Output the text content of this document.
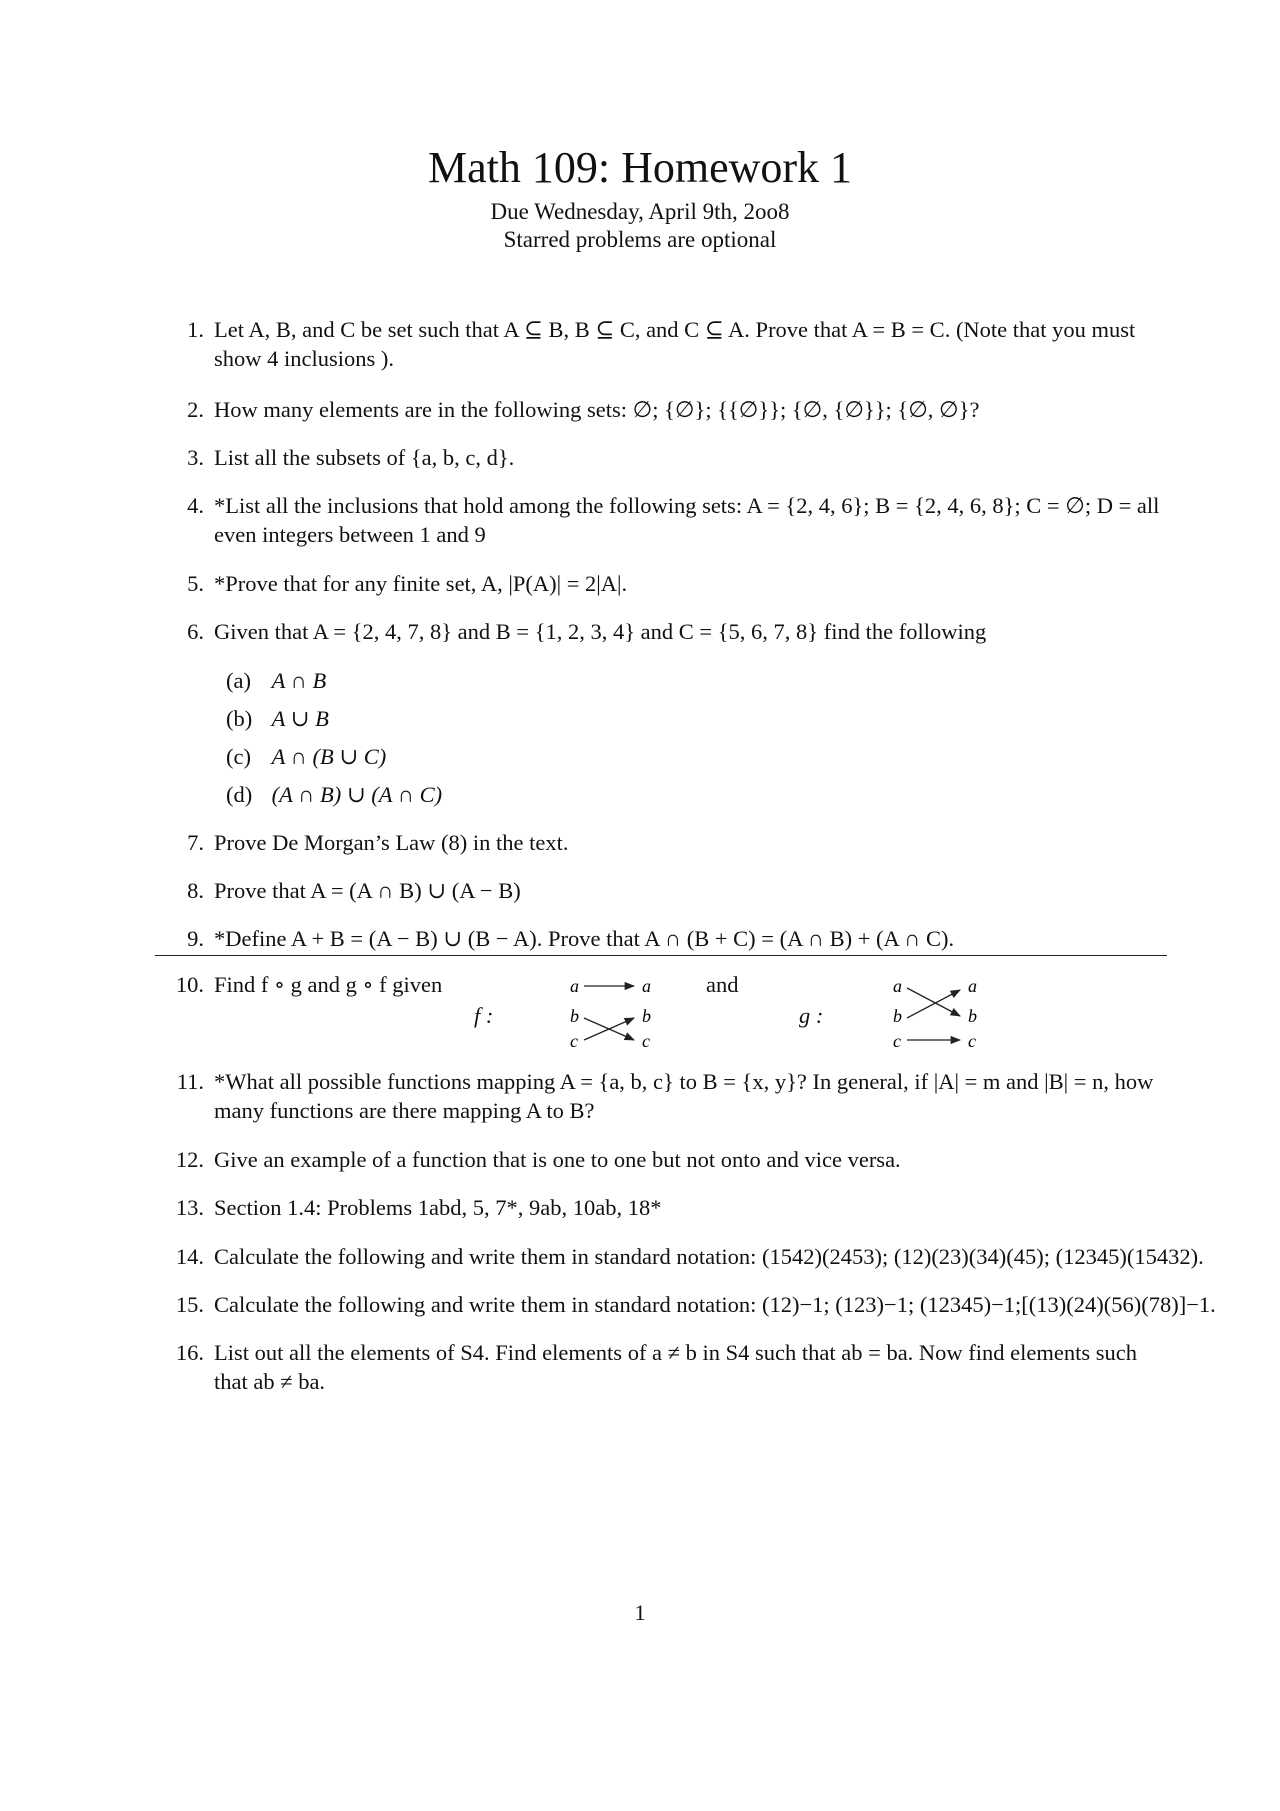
Math 109: Homework 1
Due Wednesday, April 9th, 2oo8
Starred problems are optional
1. Let A, B, and C be set such that A ⊆ B, B ⊆ C, and C ⊆ A. Prove that A = B = C. (Note that you must show 4 inclusions ).
2. How many elements are in the following sets: ∅; {∅}; {{∅}}; {∅, {∅}}; {∅, ∅}?
3. List all the subsets of {a, b, c, d}.
4. *List all the inclusions that hold among the following sets: A = {2, 4, 6}; B = {2, 4, 6, 8}; C = ∅; D = all even integers between 1 and 9
5. *Prove that for any finite set, A, |P(A)| = 2|A|.
6. Given that A = {2, 4, 7, 8} and B = {1, 2, 3, 4} and C = {5, 6, 7, 8} find the following
(a) A ∩ B
(b) A ∪ B
(c) A ∩ (B ∪ C)
(d) (A ∩ B) ∪ (A ∩ C)
7. Prove De Morgan’s Law (8) in the text.
8. Prove that A = (A ∩ B) ∪ (A − B)
9. *Define A + B = (A − B) ∪ (B − A). Prove that A ∩ (B + C) = (A ∩ B) + (A ∩ C).
10. Find f ∘ g and g ∘ f given
f :
and
g :
a
b
c
a
b
c
a
b
c
a
b
c
11. *What all possible functions mapping A = {a, b, c} to B = {x, y}? In general, if |A| = m and |B| = n, how many functions are there mapping A to B?
12. Give an example of a function that is one to one but not onto and vice versa.
13. Section 1.4: Problems 1abd, 5, 7*, 9ab, 10ab, 18*
14. Calculate the following and write them in standard notation: (1542)(2453); (12)(23)(34)(45); (12345)(15432).
15. Calculate the following and write them in standard notation: (12)−1; (123)−1; (12345)−1;[(13)(24)(56)(78)]−1.
16. List out all the elements of S4. Find elements of a ≠ b in S4 such that ab = ba. Now find elements such that ab ≠ ba.
1
